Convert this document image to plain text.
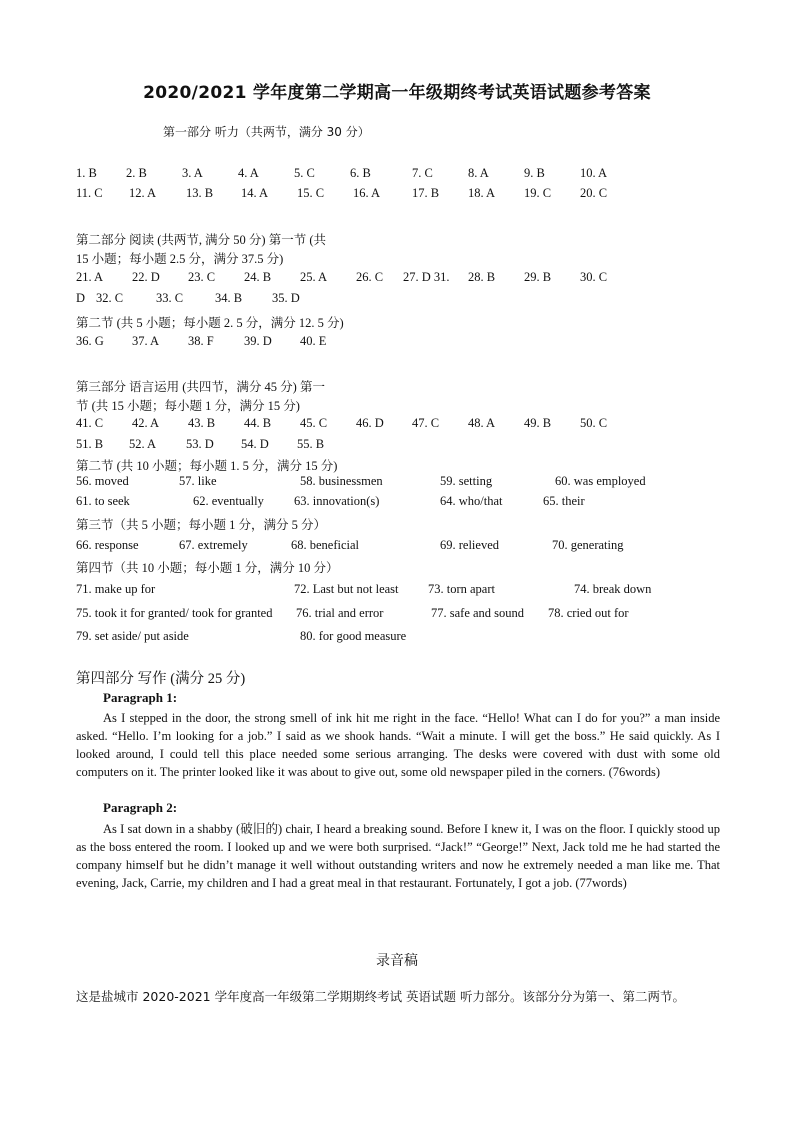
2020/2021 学年度第二学期高一年级期终考试英语试题参考答案
第一部分 听力（共两节，满分 30 分）
1. B 2. B	3. A	4. A	5. C	6. B	7. C	8. A	9. B	10. A
11. C 12. A 13. B 14. A 15. C 16. A	17. B 18. A 19. C 20. C
第二部分 阅读 (共两节, 满分 50 分) 第一节 (共
15 小题；每小题 2.5 分，满分 37.5 分)
21. A 22. D 23. C 24. B 25. A 26. C 27. D 31. 28. B 29. B 30. C
D 32. C	33. C	34. B 35. D
第二节 (共 5 小题；每小题 2. 5 分，满分 12. 5 分)
36. G 37. A 38. F 39. D 40. E
第三部分 语言运用 (共四节，满分 45 分) 第一
节 (共 15 小题；每小题 1 分，满分 15 分)
41. C 42. A 43. B 44. B 45. C 46. D 47. C 48. A 49. B 50. C
51. B 52. A 53. D 54. D 55. B
第二节 (共 10 小题；每小题 1. 5 分，满分 15 分)
56. moved	57. like	58. businessmen	59. setting	60. was employed
61. to seek	62. eventually 63. innovation(s)	64. who/that	65. their
第三节（共 5 小题；每小题 1 分，满分 5 分）
66. response	67. extremely	68. beneficial	69. relieved	70. generating
第四节（共 10 小题；每小题 1 分，满分 10 分）
71. make up for	72. Last but not least 73. torn apart	74. break down
75. took it for granted/ took for granted 76. trial and error	77. safe and sound 78. cried out for
79. set aside/ put aside	80. for good measure
第四部分 写作 (满分 25 分)
Paragraph 1:
As I stepped in the door, the strong smell of ink hit me right in the face. “Hello! What can I do for you?” a man inside asked. “Hello. I’m looking for a job.” I said as we shook hands. “Wait a minute. I will get the boss.” He said quickly. As I looked around, I could tell this place needed some serious arranging. The desks were covered with dust with some old computers on it. The printer looked like it was about to give out, some old newspaper piled in the corners. (76words)
Paragraph 2:
As I sat down in a shabby (破旧的) chair, I heard a breaking sound. Before I knew it, I was on the floor. I quickly stood up as the boss entered the room. I looked up and we were both surprised. “Jack!” “George!” Next, Jack told me he had started the company himself but he didn’t manage it well without outstanding writers and now he extremely needed a man like me. That evening, Jack, Carrie, my children and I had a great meal in that restaurant. Fortunately, I got a job. (77words)
录音稿
这是盐城市 2020-2021 学年度高一年级第二学期期终考试 英语试题 听力部分。该部分分为第一、第二两节。
